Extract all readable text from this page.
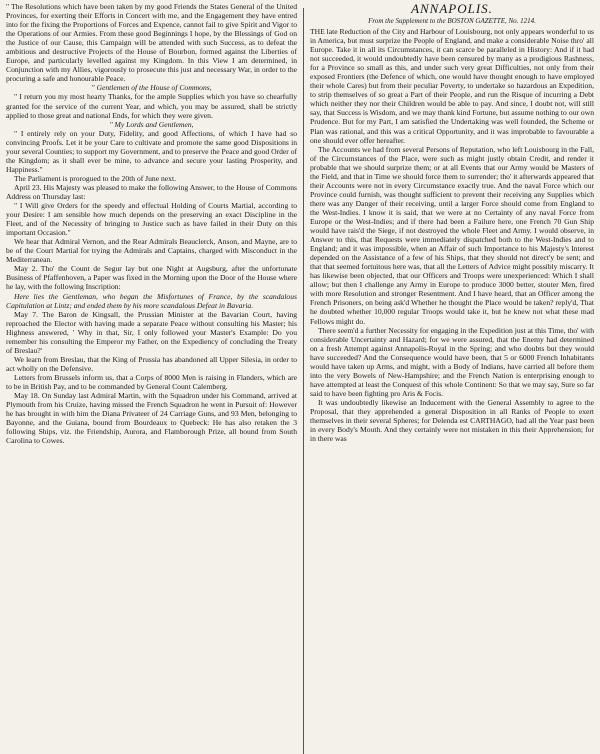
" The Resolutions which have been taken by my good Friends the States General of the United Provinces, for exerting their Efforts in Concert with me, and the Engagement they have entred into for the fixing the Proportions of Forces and Expence, cannot fail to give Spirit and Vigor to the Operations of our Armies. From these good Beginnings I hope, by the Blessings of God on the Justice of our Cause, this Campaign will be attended with such Success, as to defeat the ambitious and destructive Projects of the House of Bourbon, formed against the Liberties of Europe, and particularly levelled against my Kingdom. In this View I am determined, in Conjunction with my Allies, vigorously to prosecute this just and necessary War, in order to the procuring a safe and honourable Peace.

" Gentlemen of the House of Commons,

" I return you my most hearty Thanks, for the ample Supplies which you have so chearfully granted for the service of the current Year, and which, you may be assured, shall be strictly applied to those great and national Ends, for which they were given.

" My Lords and Gentlemen,

" I entirely rely on your Duty, Fidelity, and good Affections, of which I have had so convincing Proofs. Let it be your Care to cultivate and promote the same good Dispositions in your several Counties; to support my Government, and to preserve the Peace and good Order of the Kingdom; as it shall ever be mine, to advance and secure your lasting Prosperity, and Happiness."

The Parliament is prorogued to the 20th of June next.

April 23. His Majesty was pleased to make the following Answer, to the House of Commons Address on Thursday last:

" I Will give Orders for the speedy and effectual Holding of Courts Martial, according to your Desire: I am sensible how much depends on the preserving an exact Discipline in the Fleet, and of the Necessity of bringing to Justice such as have failed in their Duty on this important Occasion."

We hear that Admiral Vernon, and the Rear Admirals Beauclerck, Anson, and Mayne, are to be of the Court Martial for trying the Admirals and Captains, charged with Misconduct in the Mediterranean.

May 2. Tho' the Count de Segur lay but one Night at Augsburg, after the unfortunate Business of Pfaffenhoven, a Paper was fixed in the Morning upon the Door of the House where he lay, with the following Inscription:

Here lies the Gentleman, who began the Misfortunes of France, by the scandalous Capitulation at Lintz; and ended them by his more scandalous Defeat in Bavaria.

May 7. The Baron de Kingsall, the Prussian Minister at the Bavarian Court, having reproached the Elector with having made a separate Peace without consulting his Master; his Highness answered, ' Why in that, Sir, I only followed your Master's Example: Do you remember his consulting the Emperor my Father, on the Expediency of concluding the Treaty of Breslau?'

We learn from Breslau, that the King of Prussia has abandoned all Upper Silesia, in order to act wholly on the Defensive.

Letters from Brussels inform us, that a Corps of 8000 Men is raising in Flanders, which are to be in British Pay, and to be commanded by General Count Calemberg.

May 18. On Sunday last Admiral Martin, with the Squadron under his Command, arrived at Plymouth from his Cruize, having missed the French Squadron he went in Pursuit of: However he has brought in with him the Diana Privateer of 24 Carriage Guns, and 93 Men, belonging to Bayonne, and the Guiana, bound from Bourdeaux to Quebeck: He has also retaken the 3 following Ships, viz. the Friendship, Aurora, and Flamborough Prize, all bound from South Carolina to Cowes.

ANNAPOLIS.
From the Supplement to the BOSTON GAZETTE, No. 1214.

THE late Reduction of the City and Harbour of Louisbourg, not only appears wonderful to us in America, but must surprize the People of England, and make a considerable Noise thro' all Europe. Take it in all its Circumstances, it can scarce be paralleled in History: And if it had not succeeded, it would undoubtedly have been censured by many as a prodigious Rashness, for a Province so small as this, and under such very great Difficulties, not only from their exposed Frontiers (the Defence of which, one would have thought enough to have employed their whole Cares) but from their peculiar Poverty, to undertake so hazardous an Expedition, to strip themselves of so great a Part of their People, and run the Risque of incurring a Debt which neither they nor their Children would be able to pay. And since, I doubt not, will still say, that Success is Wisdom, and we may thank kind Fortune, but assume nothing to our own Prudence. But for my Part, I am satisfied the Undertaking was well founded, the Scheme or Plan was rational, and this was a critical Opportunity, and it was improbable to favourable a one should ever offer hereafter.

The Accounts we had from several Persons of Reputation, who left Louisbourg in the Fall, of the Circumstances of the Place, were such as might justly obtain Credit, and render it probable that we should surprize them; or at all Events that our Army would be Masters of the Field, and that in Time we should force them to surrender; tho' it afterwards appeared that their Accounts were not in every Circumstance exactly true. And the naval Force which our Province could furnish, was thought sufficient to prevent their receiving any Supplies which there was any Danger of their receiving, until a larger Force should come from England to the West-Indies. I know it is said, that we were at no Certainty of any naval Force from Europe or the West-Indies; and if there had been a Failure here, one French 70 Gun Ship would have rais'd the Siege, if not destroyed the whole Fleet and Army. I would observe, in Answer to this, that Requests were immediately dispatched both to the West-Indies and to England; and it was impossible, when an Affair of such Importance to his Majesty's Interest depended on the Assistance of a few of his Ships, that they should not direct'y be sent; and that that seemed fortuitous here was, that all the Letters of Advice might possibly miscarry. It has likewise been objected, that our Officers and Troops were unexperienced: Which I shall allow; but then I challenge any Army in Europe to produce 3000 better, stouter Men, fired with more Resolution and stronger Resentment. And I have heard, that an Officer among the French Prisoners, on being ask'd Whether he thought the Place would be taken? reply'd, That he doubted whether 10,000 regular Troops would take it, but he knew not what these mad Fellows might do.

There seem'd a further Necessity for engaging in the Expedition just at this Time, tho' with considerable Uncertainty and Hazard; for we were assured, that the Enemy had determined on a fresh Attempt against Annapolis-Royal in the Spring; and who doubts but they would have succeeded? And the Consequence would have been, that 5 or 6000 French Inhabitants would have taken up Arms, and might, with a Body of Indians, have carried all before them into the very Bowels of New-Hampshire; and the French Nation is enterprising enough to have attempted at least the Conquest of this whole Continent: So that we may say, Sure so far said to have been fighting pro Aris & Focis.

It was undoubtedly likewise an Inducement with the General Assembly to agree to the Proposal, that they apprehended a general Disposition in all Ranks of People to exert themselves in their several Spheres; for Delenda est CARTHAGO, had all the Year past been in every Body's Mouth. And they certainly were not mistaken in this their Apprehension; for in there was
